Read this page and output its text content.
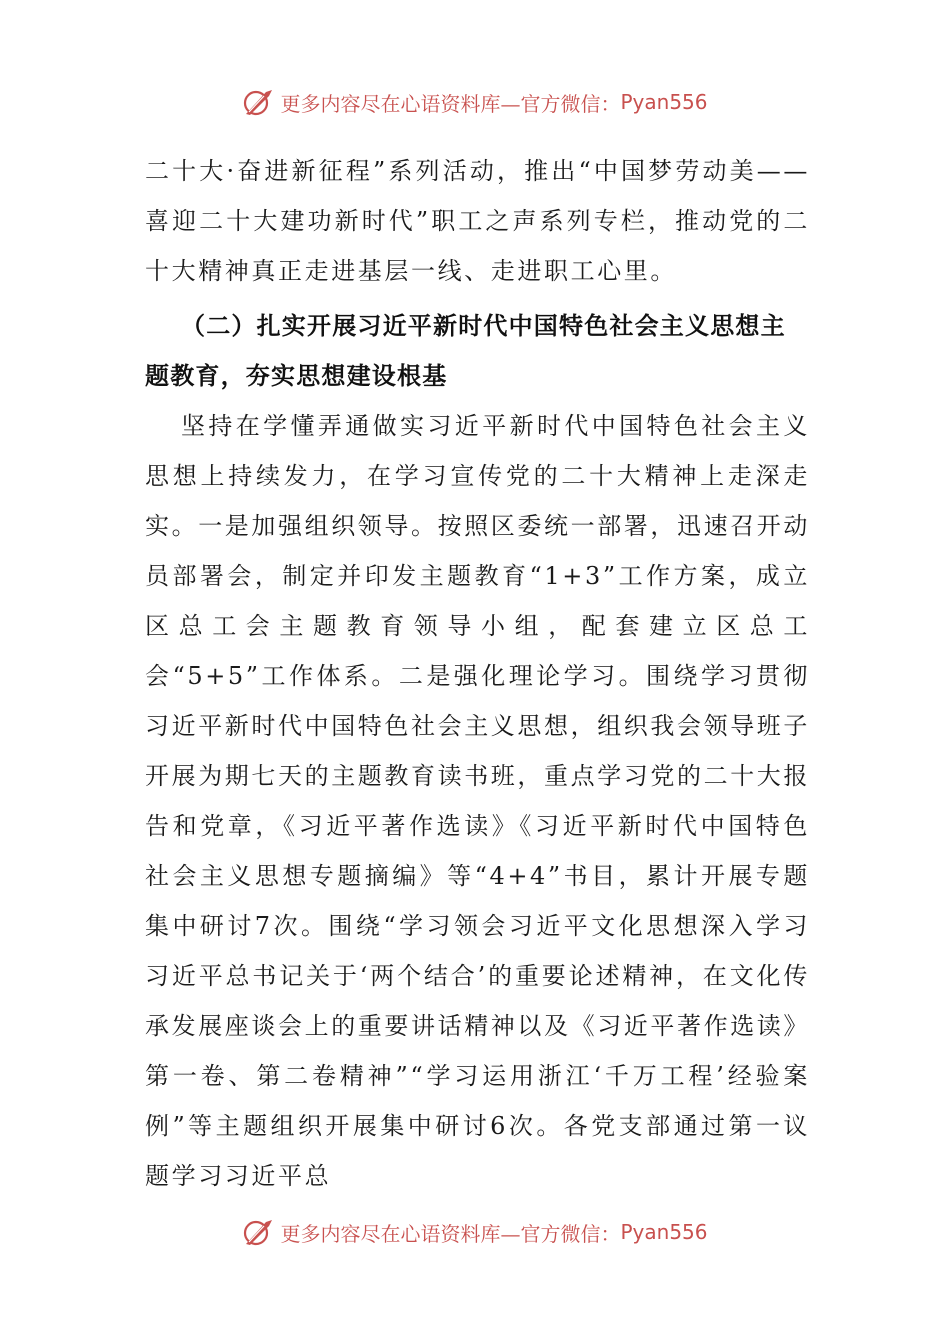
更多内容尽在心语资料库—官方微信： Pyan556

二十大·奋进新征程”系列活动，推出“中国梦劳动美——喜迎二十大建功新时代”职工之声系列专栏，推动党的二十大精神真正走进基层一线、走进职工心里。

（二）扎实开展习近平新时代中国特色社会主义思想主题教育，夯实思想建设根基

坚持在学懂弄通做实习近平新时代中国特色社会主义思想上持续发力，在学习宣传党的二十大精神上走深走实。一是加强组织领导。按照区委统一部署，迅速召开动员部署会，制定并印发主题教育“1+3”工作方案，成立区总工会主题教育领导小组，配套建立区总工会“5+5”工作体系。二是强化理论学习。围绕学习贯彻习近平新时代中国特色社会主义思想，组织我会领导班子开展为期七天的主题教育读书班，重点学习党的二十大报告和党章，《习近平著作选读》《习近平新时代中国特色社会主义思想专题摘编》等“4+4”书目，累计开展专题集中研讨7次。围绕“学习领会习近平文化思想深入学习习近平总书记关于‘两个结合’的重要论述精神，在文化传承发展座谈会上的重要讲话精神以及《习近平著作选读》第一卷、第二卷精神”“学习运用浙江‘千万工程’经验案例”等主题组织开展集中研讨6次。各党支部通过第一议题学习习近平总

更多内容尽在心语资料库—官方微信： Pyan556
